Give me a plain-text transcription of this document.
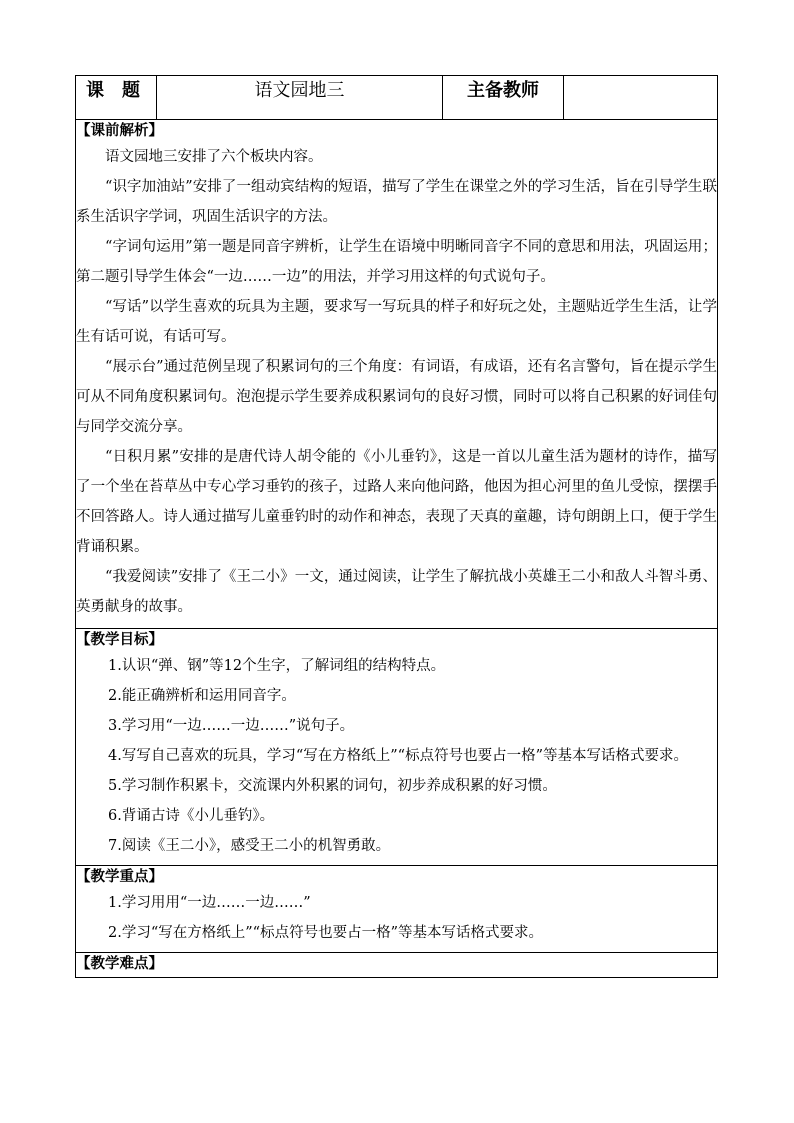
课　题	语文园地三	主备教师	

【课前解析】

语文园地三安排了六个板块内容。

“识字加油站”安排了一组动宾结构的短语，描写了学生在课堂之外的学习生活，旨在引导学生联系生活识字学词，巩固生活识字的方法。

“字词句运用”第一题是同音字辨析，让学生在语境中明晰同音字不同的意思和用法，巩固运用；第二题引导学生体会“一边……一边”的用法，并学习用这样的句式说句子。

“写话”以学生喜欢的玩具为主题，要求写一写玩具的样子和好玩之处，主题贴近学生生活，让学生有话可说，有话可写。

“展示台”通过范例呈现了积累词句的三个角度：有词语，有成语，还有名言警句，旨在提示学生可从不同角度积累词句。泡泡提示学生要养成积累词句的良好习惯，同时可以将自己积累的好词佳句与同学交流分享。

“日积月累”安排的是唐代诗人胡令能的《小儿垂钓》，这是一首以儿童生活为题材的诗作，描写了一个坐在苔草丛中专心学习垂钓的孩子，过路人来向他问路，他因为担心河里的鱼儿受惊，摆摆手不回答路人。诗人通过描写儿童垂钓时的动作和神态，表现了天真的童趣，诗句朗朗上口，便于学生背诵积累。

“我爱阅读”安排了《王二小》一文，通过阅读，让学生了解抗战小英雄王二小和敌人斗智斗勇、英勇献身的故事。

【教学目标】

1.认识“弹、钢”等12个生字，了解词组的结构特点。

2.能正确辨析和运用同音字。

3.学习用“一边……一边……”说句子。

4.写写自己喜欢的玩具，学习“写在方格纸上”“标点符号也要占一格”等基本写话格式要求。

5.学习制作积累卡，交流课内外积累的词句，初步养成积累的好习惯。

6.背诵古诗《小儿垂钓》。

7.阅读《王二小》，感受王二小的机智勇敢。

【教学重点】

1.学习用用“一边……一边……”

2.学习“写在方格纸上”“标点符号也要占一格”等基本写话格式要求。

【教学难点】
